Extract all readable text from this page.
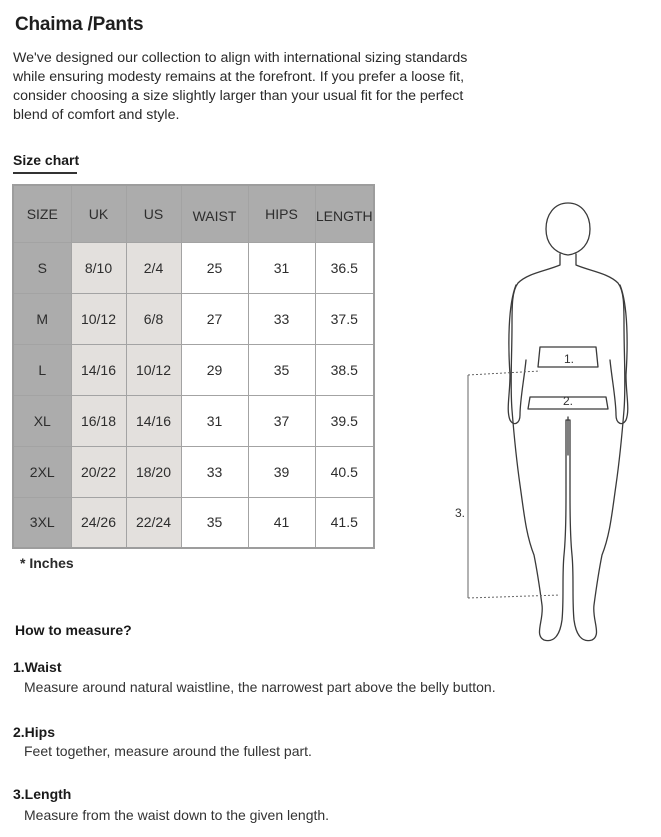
Chaima /Pants
We've designed our collection to align with international sizing standards while ensuring modesty remains at the forefront. If you prefer a loose fit, consider choosing a size slightly larger than your usual fit for the perfect blend of comfort and style.
Size chart
SIZE	UK	US	WAIST	HIPS	LENGTH
S	8/10	2/4	25	31	36.5
M	10/12	6/8	27	33	37.5
L	14/16	10/12	29	35	38.5
XL	16/18	14/16	31	37	39.5
2XL	20/22	18/20	33	39	40.5
3XL	24/26	22/24	35	41	41.5
* Inches
1.
2.
3.
How to measure?
1.Waist
Measure around natural waistline, the narrowest part above the belly button.
2.Hips
Feet together, measure around the fullest part.
3.Length
Measure from the waist down to the given length.
